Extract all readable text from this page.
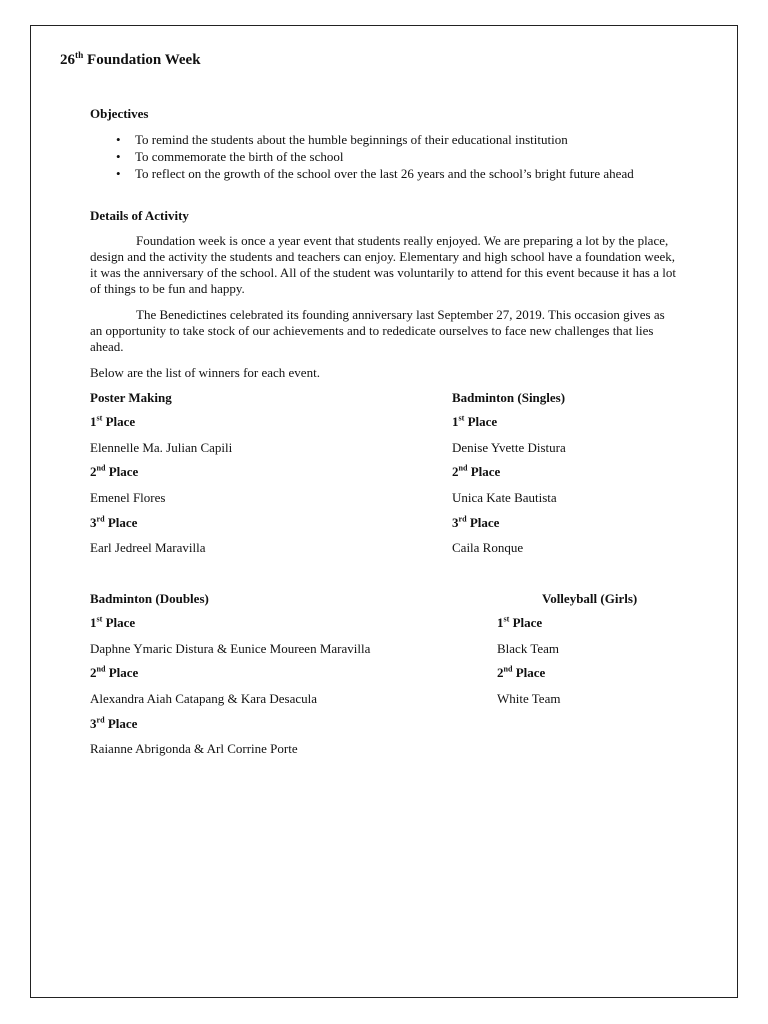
26th Foundation Week
Objectives
• To remind the students about the humble beginnings of their educational institution
• To commemorate the birth of the school
• To reflect on the growth of the school over the last 26 years and the school’s bright future ahead
Details of Activity

Foundation week is once a year event that students really enjoyed. We are preparing a lot by the place, design and the activity the students and teachers can enjoy. Elementary and high school have a foundation week, it was the anniversary of the school. All of the student was voluntarily to attend for this event because it has a lot of things to be fun and happy.

The Benedictines celebrated its founding anniversary last September 27, 2019. This occasion gives as an opportunity to take stock of our achievements and to rededicate ourselves to face new challenges that lies ahead.

Below are the list of winners for each event.
Poster Making
1st Place
Elennelle Ma. Julian Capili
2nd Place
Emenel Flores
3rd Place
Earl Jedreel Maravilla
Badminton (Singles)
1st Place
Denise Yvette Distura
2nd Place
Unica Kate Bautista
3rd Place
Caila Ronque
Badminton (Doubles)
1st Place
Daphne Ymaric Distura & Eunice Moureen Maravilla
2nd Place
Alexandra Aiah Catapang & Kara Desacula
3rd Place
Raianne Abrigonda & Arl Corrine Porte
Volleyball (Girls)
1st Place
Black Team
2nd Place
White Team
